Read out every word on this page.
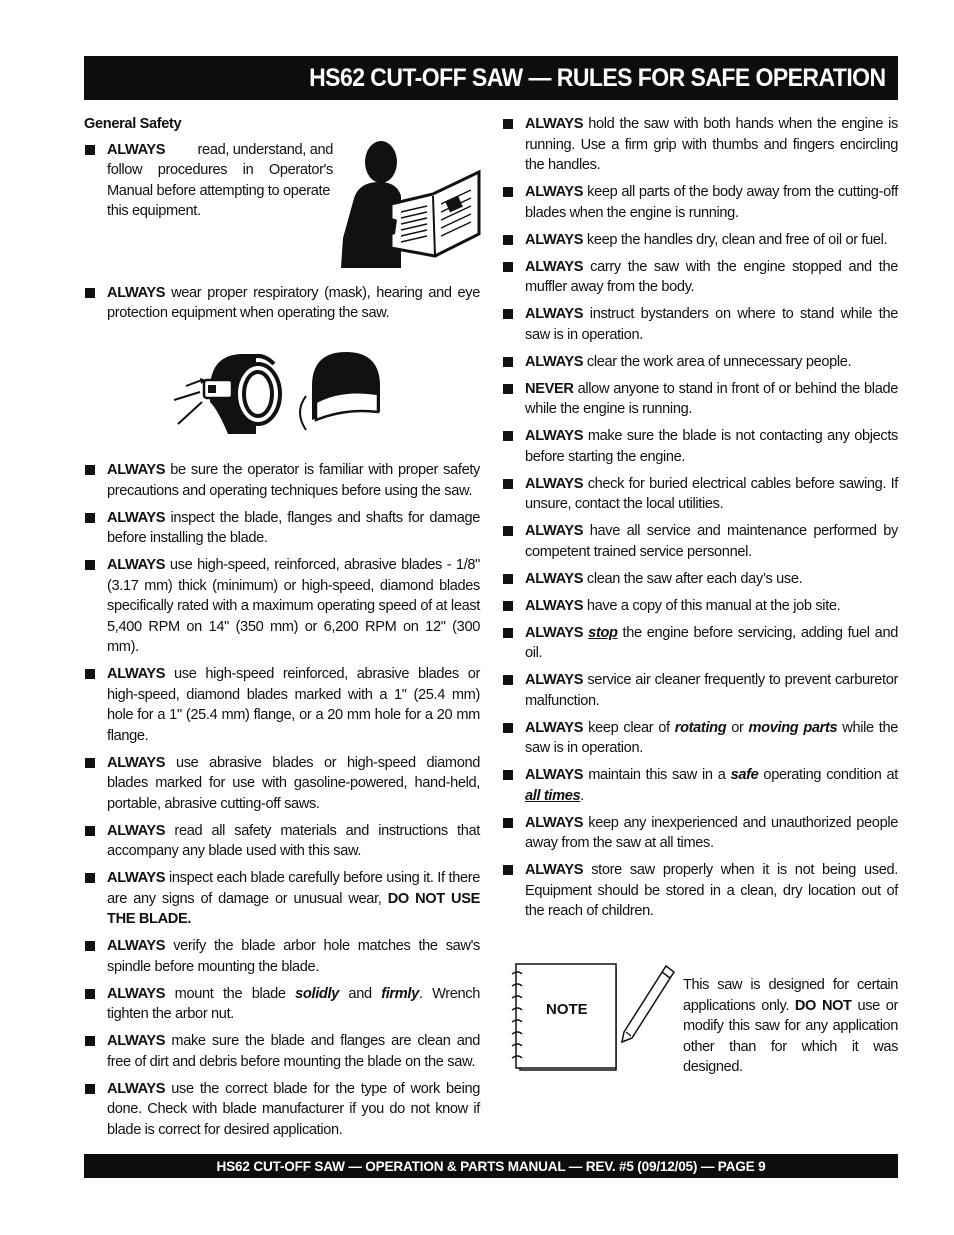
HS62 CUT-OFF SAW — RULES FOR SAFE OPERATION
General Safety
ALWAYS read, understand, and
follow procedures in Operator's
Manual before attempting to operate
this equipment.
ALWAYS wear proper respiratory (mask), hearing and eye protection equipment when operating the saw.
ALWAYS be sure the operator is familiar with proper safety precautions and operating techniques before using the saw.
ALWAYS inspect the blade, flanges and shafts for damage before installing the blade.
ALWAYS use high-speed, reinforced, abrasive blades - 1/8" (3.17 mm) thick (minimum) or high-speed, diamond blades specifically rated with a maximum operating speed of at least 5,400 RPM on 14" (350 mm) or 6,200 RPM on 12" (300 mm).
ALWAYS use high-speed reinforced, abrasive blades or high-speed, diamond blades marked with a 1" (25.4 mm) hole for a 1" (25.4 mm) flange, or a 20 mm hole for a 20 mm flange.
ALWAYS use abrasive blades or high-speed diamond blades marked for use with gasoline-powered, hand-held, portable, abrasive cutting-off saws.
ALWAYS read all safety materials and instructions that accompany any blade used with this saw.
ALWAYS inspect each blade carefully before using it. If there are any signs of damage or unusual wear, DO NOT USE THE BLADE.
ALWAYS verify the blade arbor hole matches the saw's spindle before mounting the blade.
ALWAYS mount the blade solidly and firmly. Wrench tighten the arbor nut.
ALWAYS make sure the blade and flanges are clean and free of dirt and debris before mounting the blade on the saw.
ALWAYS use the correct blade for the type of work being done. Check with blade manufacturer if you do not know if blade is correct for desired application.
ALWAYS hold the saw with both hands when the engine is running. Use a firm grip with thumbs and fingers encircling the handles.
ALWAYS keep all parts of the body away from the cutting-off blades when the engine is running.
ALWAYS keep the handles dry, clean and free of oil or fuel.
ALWAYS carry the saw with the engine stopped and the muffler away from the body.
ALWAYS instruct bystanders on where to stand while the saw is in operation.
ALWAYS clear the work area of unnecessary people.
NEVER allow anyone to stand in front of or behind the blade while the engine is running.
ALWAYS make sure the blade is not contacting any objects before starting the engine.
ALWAYS check for buried electrical cables before sawing. If unsure, contact the local utilities.
ALWAYS have all service and maintenance performed by competent trained service personnel.
ALWAYS clean the saw after each day’s use.
ALWAYS have a copy of this manual at the job site.
ALWAYS stop the engine before servicing, adding fuel and oil.
ALWAYS service air cleaner frequently to prevent carburetor malfunction.
ALWAYS keep clear of rotating or moving parts while the saw is in operation.
ALWAYS maintain this saw in a safe operating condition at all times.
ALWAYS keep any inexperienced and unauthorized people away from the saw at all times.
ALWAYS store saw properly when it is not being used. Equipment should be stored in a clean, dry location out of the reach of children.
NOTE
This saw is designed for certain applications only. DO NOT use or modify this saw for any application other than for which it was designed.
HS62 CUT-OFF SAW — OPERATION & PARTS MANUAL — REV. #5 (09/12/05) — PAGE 9
